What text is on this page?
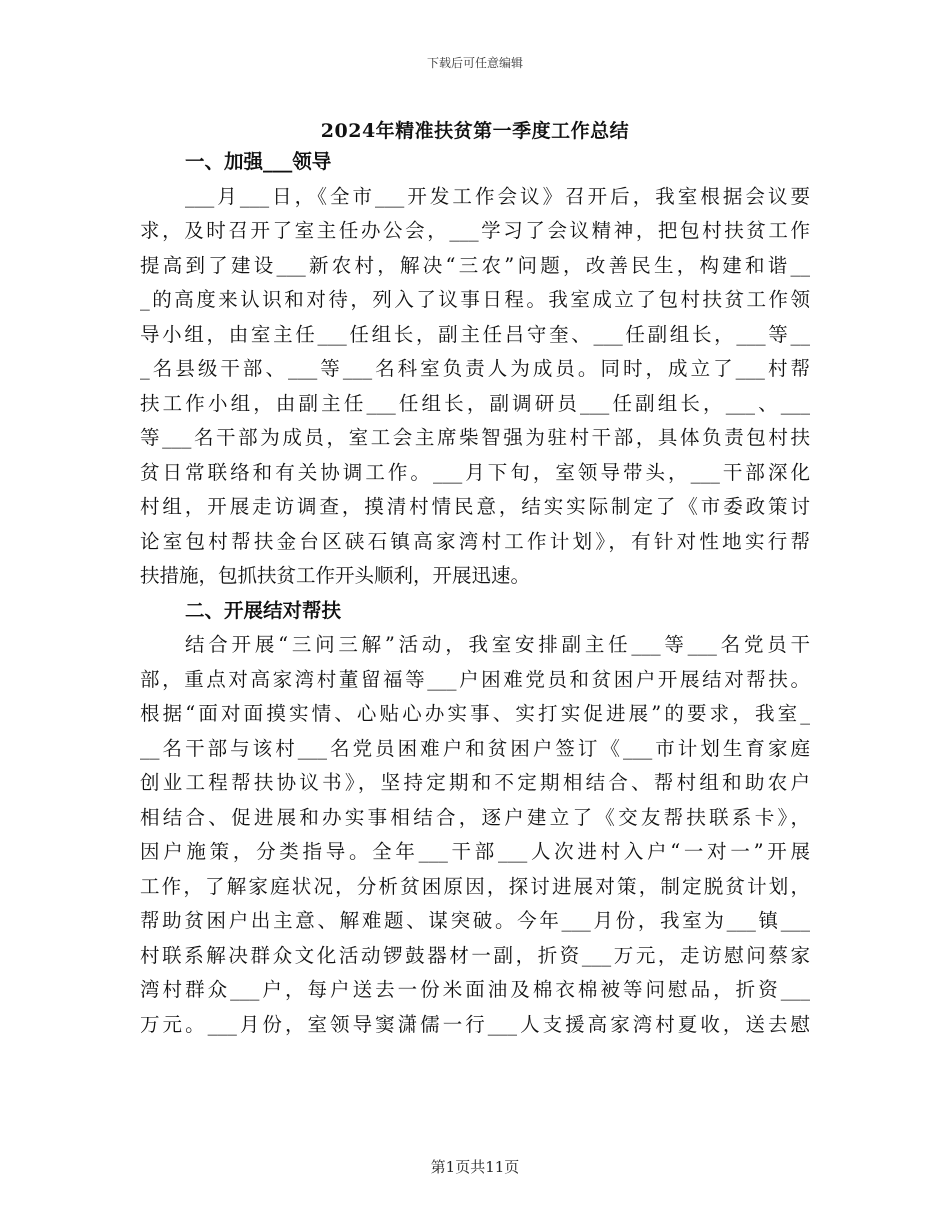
下载后可任意编辑
2024年精准扶贫第一季度工作总结
一、加强___领导
___月___日，《全市___开发工作会议》召开后，我室根据会议要
求，及时召开了室主任办公会，___学习了会议精神，把包村扶贫工作
提高到了建设___新农村，解决“三农”问题，改善民生，构建和谐__
_的高度来认识和对待，列入了议事日程。我室成立了包村扶贫工作领
导小组，由室主任___任组长，副主任吕守奎、___任副组长，___等__
_名县级干部、___等___名科室负责人为成员。同时，成立了___村帮
扶工作小组，由副主任___任组长，副调研员___任副组长，___、___
等___名干部为成员，室工会主席柴智强为驻村干部，具体负责包村扶
贫日常联络和有关协调工作。___月下旬，室领导带头，___干部深化
村组，开展走访调查，摸清村情民意，结实实际制定了《市委政策讨
论室包村帮扶金台区硖石镇高家湾村工作计划》，有针对性地实行帮
扶措施，包抓扶贫工作开头顺利，开展迅速。
二、开展结对帮扶
结合开展“三问三解”活动，我室安排副主任___等___名党员干
部，重点对高家湾村董留福等___户困难党员和贫困户开展结对帮扶。
根据“面对面摸实情、心贴心办实事、实打实促进展”的要求，我室_
__名干部与该村___名党员困难户和贫困户签订《___市计划生育家庭
创业工程帮扶协议书》，坚持定期和不定期相结合、帮村组和助农户
相结合、促进展和办实事相结合，逐户建立了《交友帮扶联系卡》，
因户施策，分类指导。全年___干部___人次进村入户“一对一”开展
工作，了解家庭状况，分析贫困原因，探讨进展对策，制定脱贫计划，
帮助贫困户出主意、解难题、谋突破。今年___月份，我室为___镇___
村联系解决群众文化活动锣鼓器材一副，折资___万元，走访慰问蔡家
湾村群众___户，每户送去一份米面油及棉衣棉被等问慰品，折资___
万元。___月份，室领导窦潇儒一行___人支援高家湾村夏收，送去慰
第1页共11页
